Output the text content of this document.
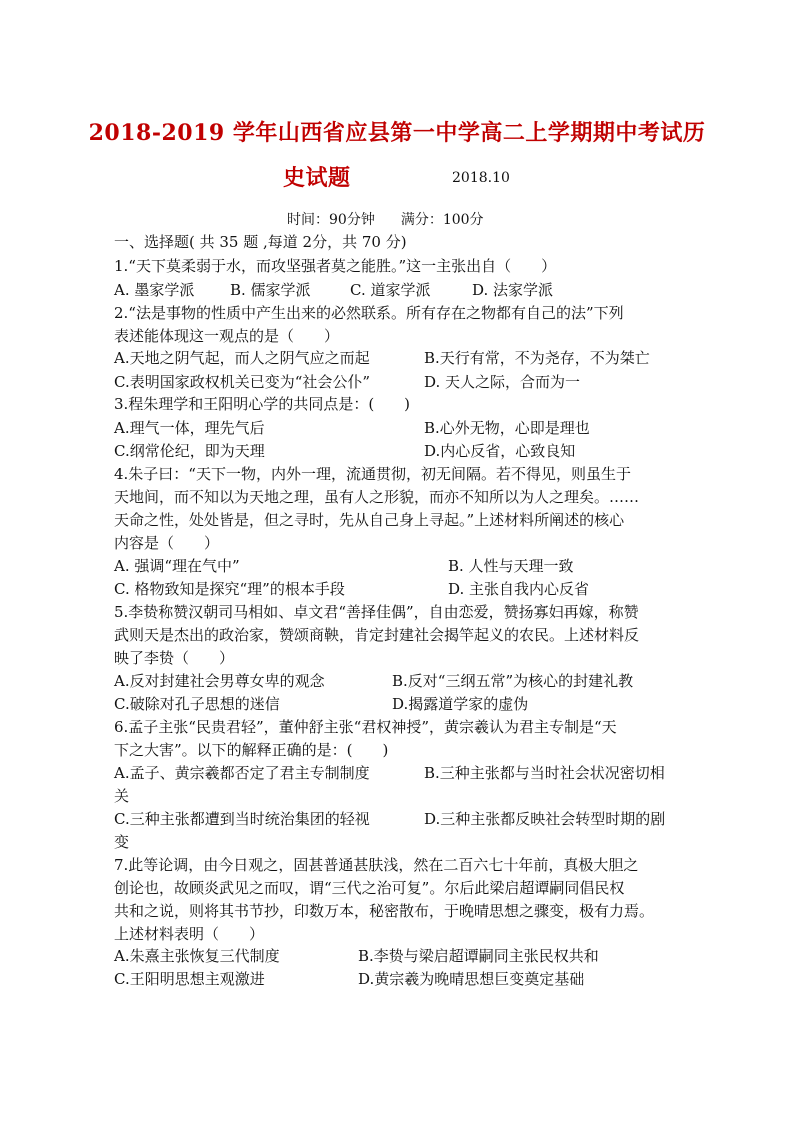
2018-2019 学年山西省应县第一中学高二上学期期中考试历
史试题	2018.10
时间：90分钟 满分：100分
一、选择题( 共 35 题 ,每道 2分，共 70 分)
1.“天下莫柔弱于水，而攻坚强者莫之能胜。”这一主张出自（　　）
A. 墨家学派 B. 儒家学派	C. 道家学派	D. 法家学派
2.“法是事物的性质中产生出来的必然联系。所有存在之物都有自己的法”下列
表述能体现这一观点的是（　　）
A.天地之阴气起，而人之阴气应之而起	B.天行有常，不为尧存，不为桀亡
C.表明国家政权机关已变为“社会公仆”	D. 天人之际，合而为一
3.程朱理学和王阳明心学的共同点是：(　　)
A.理气一体，理先气后	B.心外无物，心即是理也
C.纲常伦纪，即为天理	D.内心反省，心致良知
4.朱子曰：“天下一物，内外一理，流通贯彻，初无间隔。若不得见，则虽生于
天地间，而不知以为天地之理，虽有人之形貌，而亦不知所以为人之理矣。……
天命之性，处处皆是，但之寻时，先从自己身上寻起。”上述材料所阐述的核心
内容是（　　）
A. 强调“理在气中”	B. 人性与天理一致
C. 格物致知是探究“理”的根本手段	D. 主张自我内心反省
5.李贽称赞汉朝司马相如、卓文君“善择佳偶”，自由恋爱，赞扬寡妇再嫁，称赞
武则天是杰出的政治家，赞颂商鞅，肯定封建社会揭竿起义的农民。上述材料反
映了李贽（　　）
A.反对封建社会男尊女卑的观念	B.反对“三纲五常”为核心的封建礼教
C.破除对孔子思想的迷信	D.揭露道学家的虚伪
6.孟子主张“民贵君轻”，董仲舒主张“君权神授”，黄宗羲认为君主专制是“天
下之大害”。以下的解释正确的是：(　　)
A.孟子、黄宗羲都否定了君主专制制度	B.三种主张都与当时社会状况密切相
关
C.三种主张都遭到当时统治集团的轻视	D.三种主张都反映社会转型时期的剧
变
7.此等论调，由今日观之，固甚普通甚肤浅，然在二百六七十年前，真极大胆之
创论也，故顾炎武见之而叹，谓“三代之治可复”。尔后此梁启超谭嗣同倡民权
共和之说，则将其书节抄，印数万本，秘密散布，于晚晴思想之骤变，极有力焉。
上述材料表明（　　）
A.朱熹主张恢复三代制度	B.李贽与梁启超谭嗣同主张民权共和
C.王阳明思想主观激进	D.黄宗羲为晚晴思想巨变奠定基础
